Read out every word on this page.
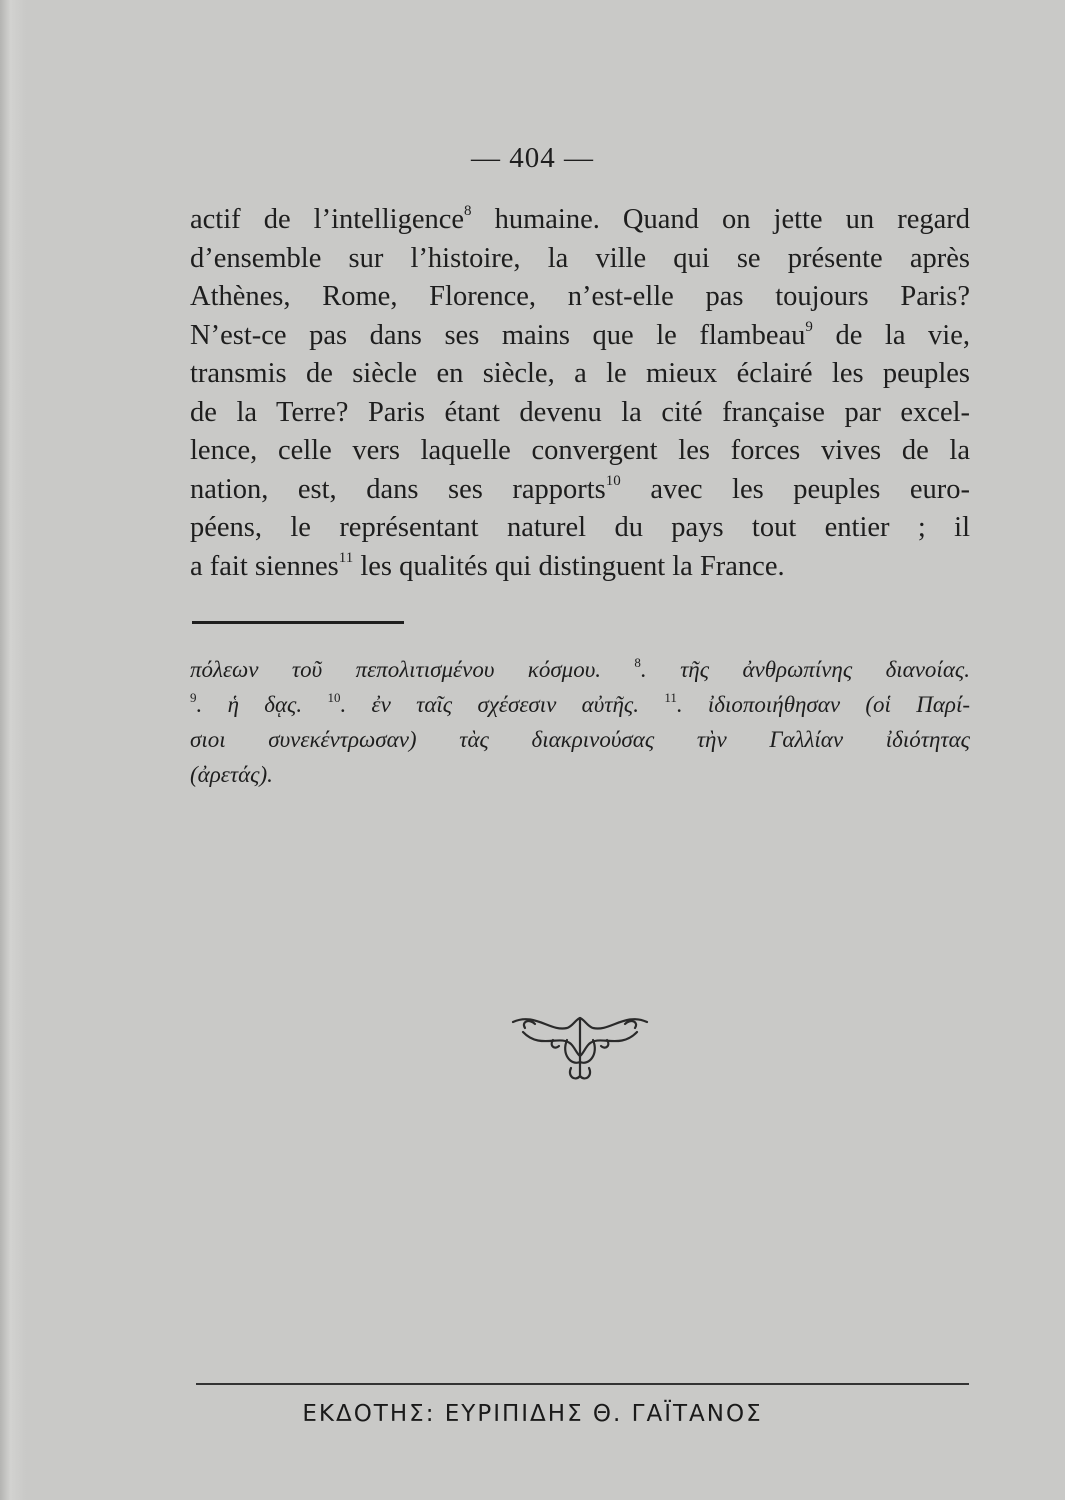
— 404 —
actif de l’intelligence$^8$ humaine. Quand on jette un regard
d’ensemble sur l’histoire, la ville qui se présente après
Athènes, Rome, Florence, n’est-elle pas toujours Paris?
N’est-ce pas dans ses mains que le flambeau$^9$ de la vie,
transmis de siècle en siècle, a le mieux éclairé les peuples
de la Terre? Paris étant devenu la cité française par excel-
lence, celle vers laquelle convergent les forces vives de la
nation, est, dans ses rapports$^{10}$ avec les peuples euro-
péens, le représentant naturel du pays tout entier ; il
a fait siennes$^{11}$ les qualités qui distinguent la France.
πόλεων τοῦ πεπολιτισμένου κόσμου. $^8$. τῆς ἀνθρωπίνης διανοίας.
$^9$. ἡ δᾳς. $^{10}$. ἐν ταῖς σχέσεσιν αὐτῆς. $^{11}$. ἰδιοποιήθησαν (οἱ Παρί-
σιοι συνεκέντρωσαν) τὰς διακρινούσας τὴν Γαλλίαν ἰδιότητας
(ἀρετάς).
ΕΚΔΟΤΗΣ: ΕΥΡΙΠΙΔΗΣ Θ. ΓΑΪΤΑΝΟΣ
